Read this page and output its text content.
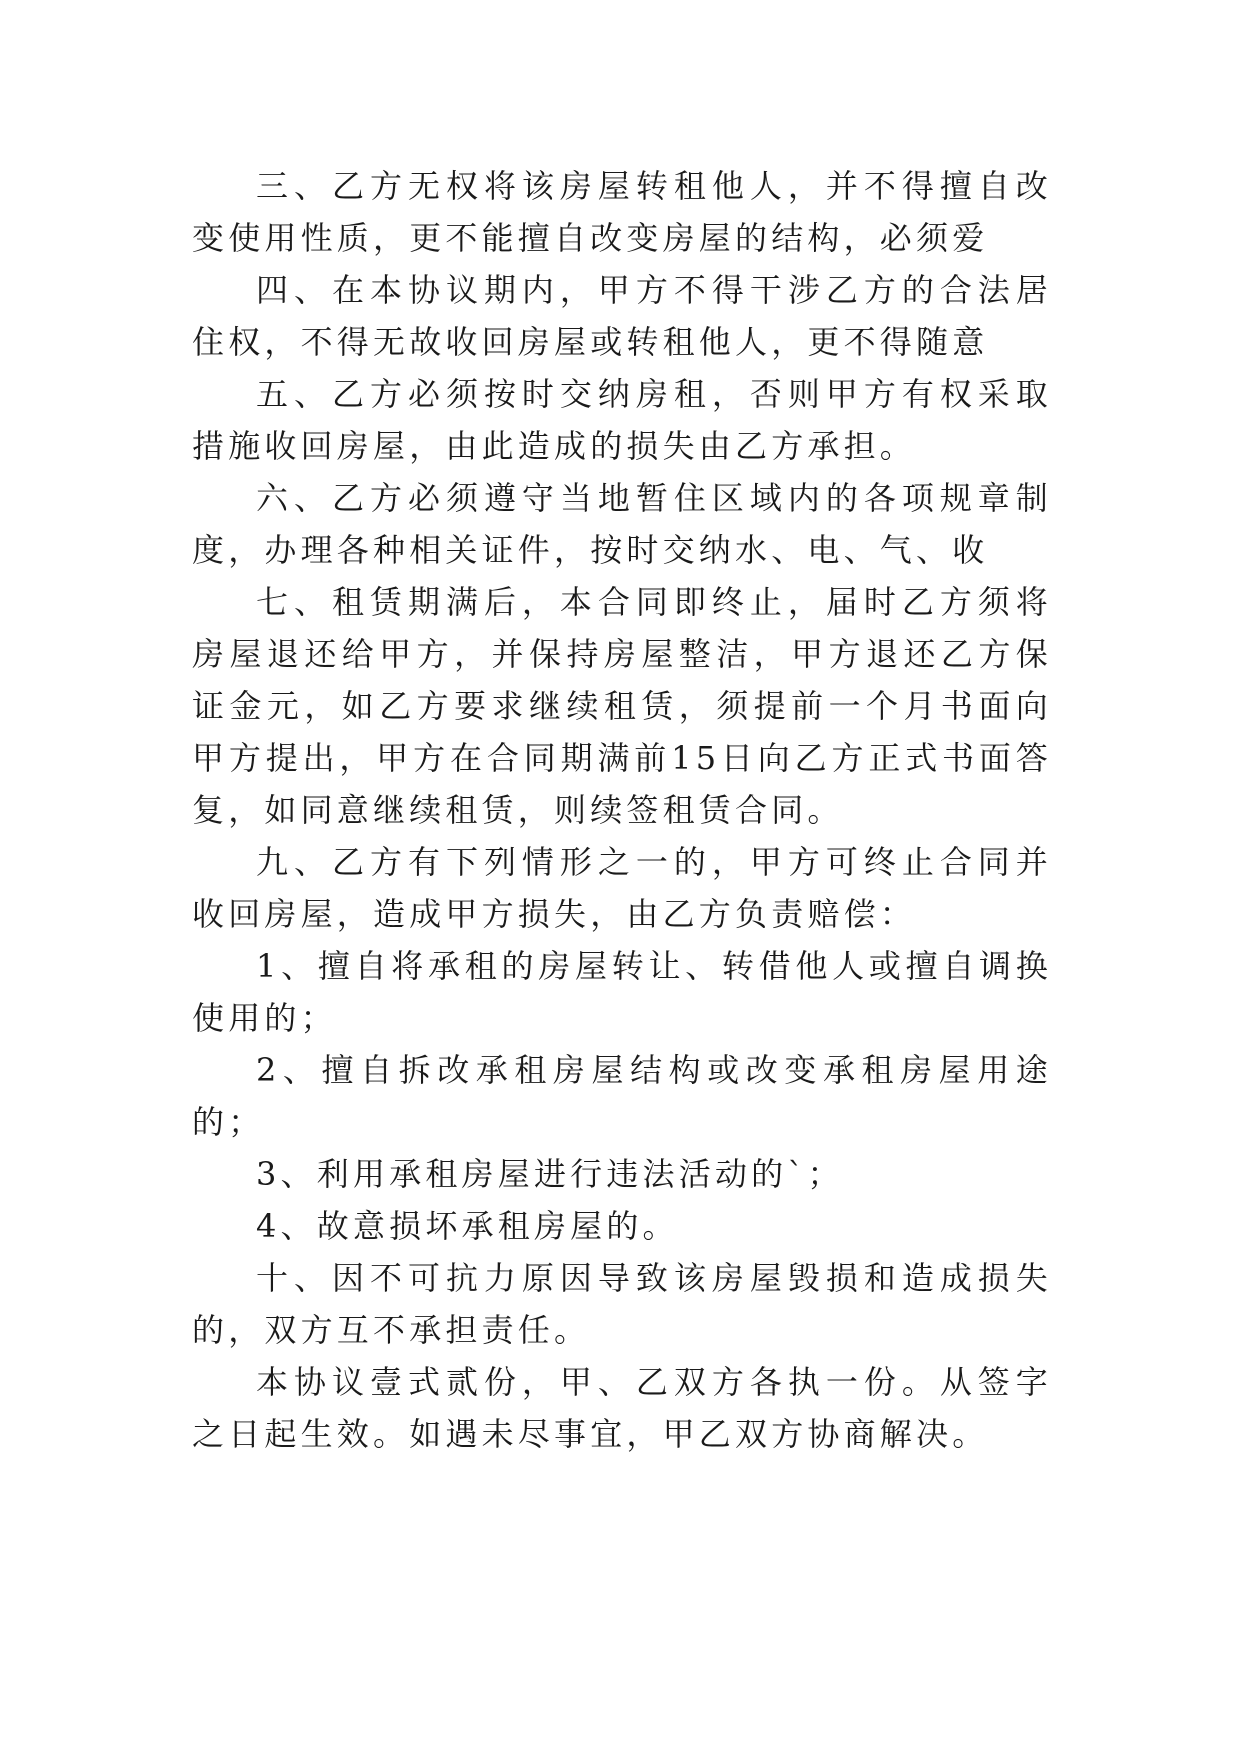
三、乙方无权将该房屋转租他人，并不得擅自改变使用性质，更不能擅自改变房屋的结构，必须爱

四、在本协议期内，甲方不得干涉乙方的合法居住权，不得无故收回房屋或转租他人，更不得随意

五、乙方必须按时交纳房租，否则甲方有权采取措施收回房屋，由此造成的损失由乙方承担。

六、乙方必须遵守当地暂住区域内的各项规章制度，办理各种相关证件，按时交纳水、电、气、收

七、租赁期满后，本合同即终止，届时乙方须将房屋退还给甲方，并保持房屋整洁，甲方退还乙方保证金元，如乙方要求继续租赁，须提前一个月书面向甲方提出，甲方在合同期满前15日向乙方正式书面答复，如同意继续租赁，则续签租赁合同。

九、乙方有下列情形之一的，甲方可终止合同并收回房屋，造成甲方损失，由乙方负责赔偿：

1、擅自将承租的房屋转让、转借他人或擅自调换使用的；

2、擅自拆改承租房屋结构或改变承租房屋用途的；

3、利用承租房屋进行违法活动的`；

4、故意损坏承租房屋的。

十、因不可抗力原因导致该房屋毁损和造成损失的，双方互不承担责任。

本协议壹式贰份，甲、乙双方各执一份。从签字之日起生效。如遇未尽事宜，甲乙双方协商解决。
